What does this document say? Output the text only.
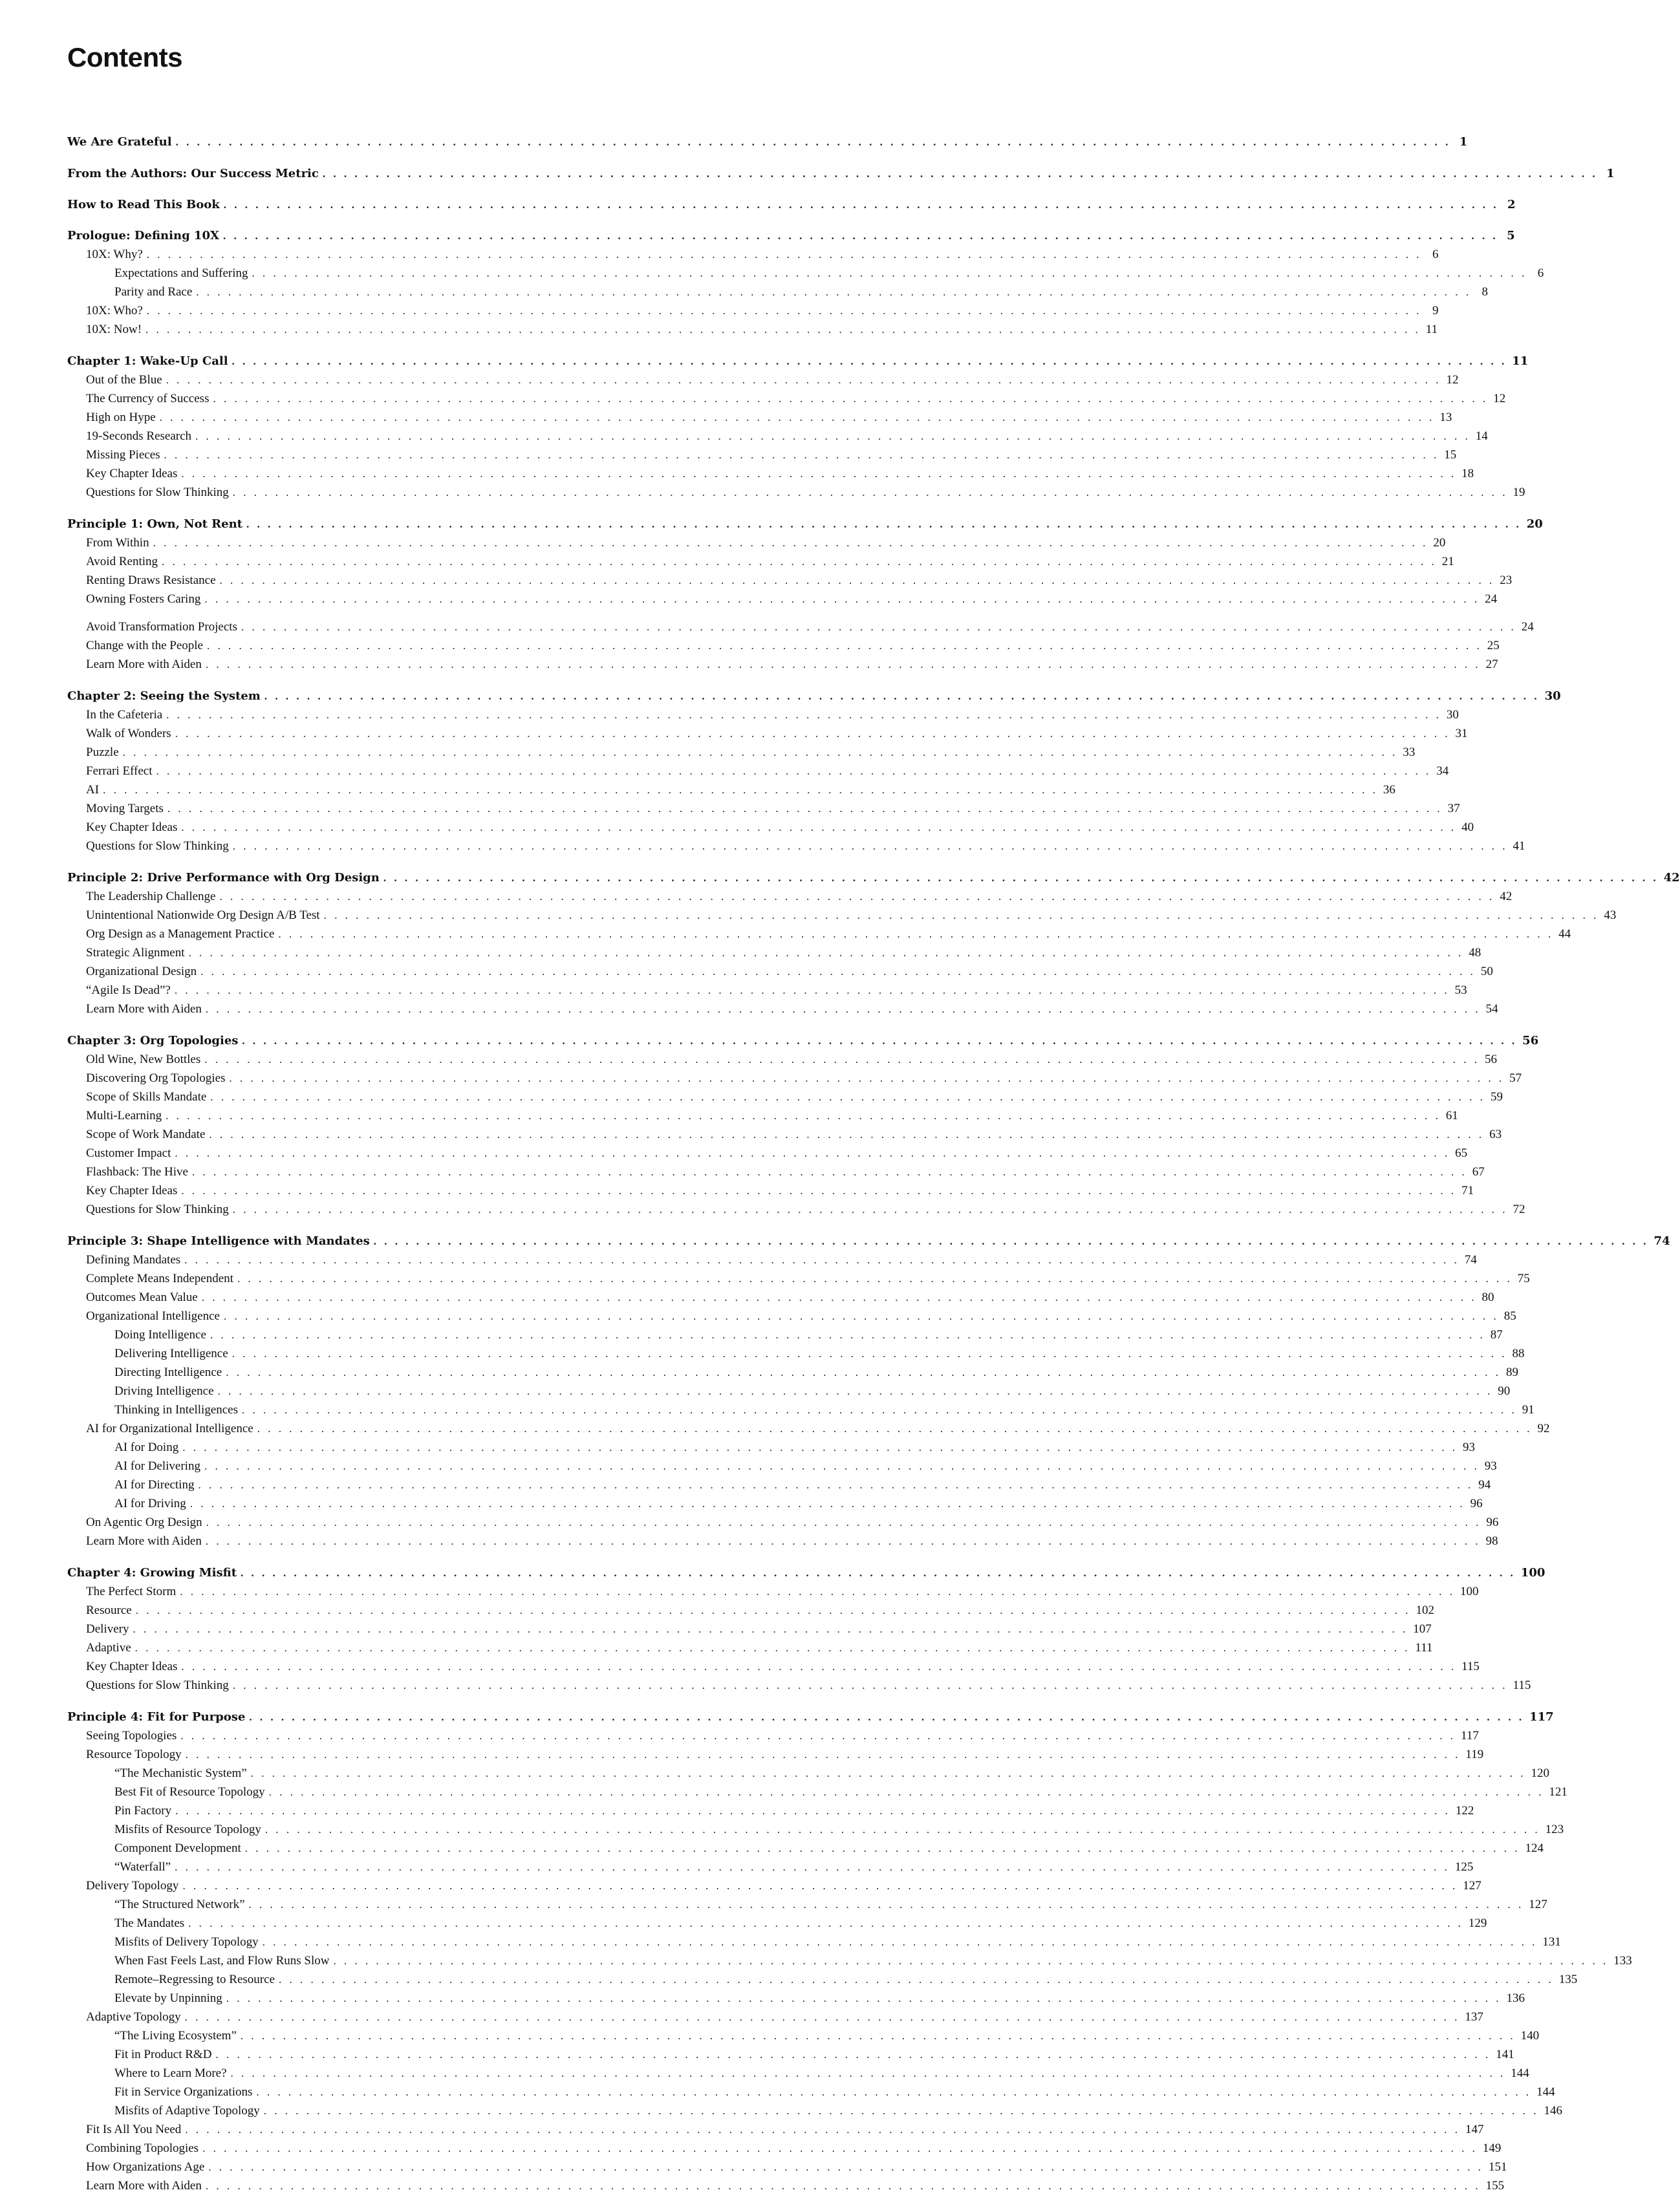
Contents
We Are Grateful . . . . . . . . . . . . . . . . . . . . . . . . . . . . . . . . . . . . . . . . . . . . . . . . . . . . . . . . . . . . . . . . . . . . . . . . . . . . . . . . . . . . . . . . . . . . . . . . . . . . . . . . . . . . . . . . . . . . . . . . 1
From the Authors: Our Success Metric . . . . . . . . . . . . . . . . . . . . . . . . . . . . . . . . . . . . . . . . . . . . . . . . . . . . . . . . . . . . . . . . . . . . . . . . . . . . . . . . . . . . . . . . . . . . . . . . . . . . . . . . . . . . . . . . . . . . . . . . 1
How to Read This Book . . . . . . . . . . . . . . . . . . . . . . . . . . . . . . . . . . . . . . . . . . . . . . . . . . . . . . . . . . . . . . . . . . . . . . . . . . . . . . . . . . . . . . . . . . . . . . . . . . . . . . . . . . . . . . . . . . . . . . . . 2
Prologue: Defining 10X . . . . . . . . . . . . . . . . . . . . . . . . . . . . . . . . . . . . . . . . . . . . . . . . . . . . . . . . . . . . . . . . . . . . . . . . . . . . . . . . . . . . . . . . . . . . . . . . . . . . . . . . . . . . . . . . . . . . . . . . 5
10X: Why? . . . . . . . . . . . . . . . . . . . . . . . . . . . . . . . . . . . . . . . . . . . . . . . . . . . . . . . . . . . . . . . . . . . . . . . . . . . . . . . . . . . . . . . . . . . . . . . . . . . . . . . . . . . . . . . . . . . . . . . . 6
Expectations and Suffering . . . . . . . . . . . . . . . . . . . . . . . . . . . . . . . . . . . . . . . . . . . . . . . . . . . . . . . . . . . . . . . . . . . . . . . . . . . . . . . . . . . . . . . . . . . . . . . . . . . . . . . . . . . . . . . . . . . . . . . . 6
Parity and Race . . . . . . . . . . . . . . . . . . . . . . . . . . . . . . . . . . . . . . . . . . . . . . . . . . . . . . . . . . . . . . . . . . . . . . . . . . . . . . . . . . . . . . . . . . . . . . . . . . . . . . . . . . . . . . . . . . . . . . . . 8
10X: Who? . . . . . . . . . . . . . . . . . . . . . . . . . . . . . . . . . . . . . . . . . . . . . . . . . . . . . . . . . . . . . . . . . . . . . . . . . . . . . . . . . . . . . . . . . . . . . . . . . . . . . . . . . . . . . . . . . . . . . . . . 9
10X: Now! . . . . . . . . . . . . . . . . . . . . . . . . . . . . . . . . . . . . . . . . . . . . . . . . . . . . . . . . . . . . . . . . . . . . . . . . . . . . . . . . . . . . . . . . . . . . . . . . . . . . . . . . . . . . . . . . . . . . . . . . 11
Chapter 1: Wake-Up Call . . . . . . . . . . . . . . . . . . . . . . . . . . . . . . . . . . . . . . . . . . . . . . . . . . . . . . . . . . . . . . . . . . . . . . . . . . . . . . . . . . . . . . . . . . . . . . . . . . . . . . . . . . . . . . . . . . . . . . . . 11
Out of the Blue . . . . . . . . . . . . . . . . . . . . . . . . . . . . . . . . . . . . . . . . . . . . . . . . . . . . . . . . . . . . . . . . . . . . . . . . . . . . . . . . . . . . . . . . . . . . . . . . . . . . . . . . . . . . . . . . . . . . . . . . 12
The Currency of Success . . . . . . . . . . . . . . . . . . . . . . . . . . . . . . . . . . . . . . . . . . . . . . . . . . . . . . . . . . . . . . . . . . . . . . . . . . . . . . . . . . . . . . . . . . . . . . . . . . . . . . . . . . . . . . . . . . . . . . . . 12
High on Hype . . . . . . . . . . . . . . . . . . . . . . . . . . . . . . . . . . . . . . . . . . . . . . . . . . . . . . . . . . . . . . . . . . . . . . . . . . . . . . . . . . . . . . . . . . . . . . . . . . . . . . . . . . . . . . . . . . . . . . . . 13
19-Seconds Research . . . . . . . . . . . . . . . . . . . . . . . . . . . . . . . . . . . . . . . . . . . . . . . . . . . . . . . . . . . . . . . . . . . . . . . . . . . . . . . . . . . . . . . . . . . . . . . . . . . . . . . . . . . . . . . . . . . . . . . . 14
Missing Pieces . . . . . . . . . . . . . . . . . . . . . . . . . . . . . . . . . . . . . . . . . . . . . . . . . . . . . . . . . . . . . . . . . . . . . . . . . . . . . . . . . . . . . . . . . . . . . . . . . . . . . . . . . . . . . . . . . . . . . . . . 15
Key Chapter Ideas . . . . . . . . . . . . . . . . . . . . . . . . . . . . . . . . . . . . . . . . . . . . . . . . . . . . . . . . . . . . . . . . . . . . . . . . . . . . . . . . . . . . . . . . . . . . . . . . . . . . . . . . . . . . . . . . . . . . . . . . 18
Questions for Slow Thinking . . . . . . . . . . . . . . . . . . . . . . . . . . . . . . . . . . . . . . . . . . . . . . . . . . . . . . . . . . . . . . . . . . . . . . . . . . . . . . . . . . . . . . . . . . . . . . . . . . . . . . . . . . . . . . . . . . . . . . . . 19
Principle 1: Own, Not Rent . . . . . . . . . . . . . . . . . . . . . . . . . . . . . . . . . . . . . . . . . . . . . . . . . . . . . . . . . . . . . . . . . . . . . . . . . . . . . . . . . . . . . . . . . . . . . . . . . . . . . . . . . . . . . . . . . . . . . . . . 20
From Within . . . . . . . . . . . . . . . . . . . . . . . . . . . . . . . . . . . . . . . . . . . . . . . . . . . . . . . . . . . . . . . . . . . . . . . . . . . . . . . . . . . . . . . . . . . . . . . . . . . . . . . . . . . . . . . . . . . . . . . . 20
Avoid Renting . . . . . . . . . . . . . . . . . . . . . . . . . . . . . . . . . . . . . . . . . . . . . . . . . . . . . . . . . . . . . . . . . . . . . . . . . . . . . . . . . . . . . . . . . . . . . . . . . . . . . . . . . . . . . . . . . . . . . . . . 21
Renting Draws Resistance . . . . . . . . . . . . . . . . . . . . . . . . . . . . . . . . . . . . . . . . . . . . . . . . . . . . . . . . . . . . . . . . . . . . . . . . . . . . . . . . . . . . . . . . . . . . . . . . . . . . . . . . . . . . . . . . . . . . . . . . 23
Owning Fosters Caring . . . . . . . . . . . . . . . . . . . . . . . . . . . . . . . . . . . . . . . . . . . . . . . . . . . . . . . . . . . . . . . . . . . . . . . . . . . . . . . . . . . . . . . . . . . . . . . . . . . . . . . . . . . . . . . . . . . . . . . . 24
Avoid Transformation Projects . . . . . . . . . . . . . . . . . . . . . . . . . . . . . . . . . . . . . . . . . . . . . . . . . . . . . . . . . . . . . . . . . . . . . . . . . . . . . . . . . . . . . . . . . . . . . . . . . . . . . . . . . . . . . . . . . . . . . . . . 24
Change with the People . . . . . . . . . . . . . . . . . . . . . . . . . . . . . . . . . . . . . . . . . . . . . . . . . . . . . . . . . . . . . . . . . . . . . . . . . . . . . . . . . . . . . . . . . . . . . . . . . . . . . . . . . . . . . . . . . . . . . . . . 25
Learn More with Aiden . . . . . . . . . . . . . . . . . . . . . . . . . . . . . . . . . . . . . . . . . . . . . . . . . . . . . . . . . . . . . . . . . . . . . . . . . . . . . . . . . . . . . . . . . . . . . . . . . . . . . . . . . . . . . . . . . . . . . . . . 27
Chapter 2: Seeing the System . . . . . . . . . . . . . . . . . . . . . . . . . . . . . . . . . . . . . . . . . . . . . . . . . . . . . . . . . . . . . . . . . . . . . . . . . . . . . . . . . . . . . . . . . . . . . . . . . . . . . . . . . . . . . . . . . . . . . . . . 30
In the Cafeteria . . . . . . . . . . . . . . . . . . . . . . . . . . . . . . . . . . . . . . . . . . . . . . . . . . . . . . . . . . . . . . . . . . . . . . . . . . . . . . . . . . . . . . . . . . . . . . . . . . . . . . . . . . . . . . . . . . . . . . . . 30
Walk of Wonders . . . . . . . . . . . . . . . . . . . . . . . . . . . . . . . . . . . . . . . . . . . . . . . . . . . . . . . . . . . . . . . . . . . . . . . . . . . . . . . . . . . . . . . . . . . . . . . . . . . . . . . . . . . . . . . . . . . . . . . . 31
Puzzle . . . . . . . . . . . . . . . . . . . . . . . . . . . . . . . . . . . . . . . . . . . . . . . . . . . . . . . . . . . . . . . . . . . . . . . . . . . . . . . . . . . . . . . . . . . . . . . . . . . . . . . . . . . . . . . . . . . . . . . . 33
Ferrari Effect . . . . . . . . . . . . . . . . . . . . . . . . . . . . . . . . . . . . . . . . . . . . . . . . . . . . . . . . . . . . . . . . . . . . . . . . . . . . . . . . . . . . . . . . . . . . . . . . . . . . . . . . . . . . . . . . . . . . . . . . 34
AI . . . . . . . . . . . . . . . . . . . . . . . . . . . . . . . . . . . . . . . . . . . . . . . . . . . . . . . . . . . . . . . . . . . . . . . . . . . . . . . . . . . . . . . . . . . . . . . . . . . . . . . . . . . . . . . . . . . . . . . . 36
Moving Targets . . . . . . . . . . . . . . . . . . . . . . . . . . . . . . . . . . . . . . . . . . . . . . . . . . . . . . . . . . . . . . . . . . . . . . . . . . . . . . . . . . . . . . . . . . . . . . . . . . . . . . . . . . . . . . . . . . . . . . . . 37
Key Chapter Ideas . . . . . . . . . . . . . . . . . . . . . . . . . . . . . . . . . . . . . . . . . . . . . . . . . . . . . . . . . . . . . . . . . . . . . . . . . . . . . . . . . . . . . . . . . . . . . . . . . . . . . . . . . . . . . . . . . . . . . . . . 40
Questions for Slow Thinking . . . . . . . . . . . . . . . . . . . . . . . . . . . . . . . . . . . . . . . . . . . . . . . . . . . . . . . . . . . . . . . . . . . . . . . . . . . . . . . . . . . . . . . . . . . . . . . . . . . . . . . . . . . . . . . . . . . . . . . . 41
Principle 2: Drive Performance with Org Design . . . . . . . . . . . . . . . . . . . . . . . . . . . . . . . . . . . . . . . . . . . . . . . . . . . . . . . . . . . . . . . . . . . . . . . . . . . . . . . . . . . . . . . . . . . . . . . . . . . . . . . . . . . . . . . . . . . . . . . . 42
The Leadership Challenge . . . . . . . . . . . . . . . . . . . . . . . . . . . . . . . . . . . . . . . . . . . . . . . . . . . . . . . . . . . . . . . . . . . . . . . . . . . . . . . . . . . . . . . . . . . . . . . . . . . . . . . . . . . . . . . . . . . . . . . . 42
Unintentional Nationwide Org Design A/B Test . . . . . . . . . . . . . . . . . . . . . . . . . . . . . . . . . . . . . . . . . . . . . . . . . . . . . . . . . . . . . . . . . . . . . . . . . . . . . . . . . . . . . . . . . . . . . . . . . . . . . . . . . . . . . . . . . . . . . . . . 43
Org Design as a Management Practice . . . . . . . . . . . . . . . . . . . . . . . . . . . . . . . . . . . . . . . . . . . . . . . . . . . . . . . . . . . . . . . . . . . . . . . . . . . . . . . . . . . . . . . . . . . . . . . . . . . . . . . . . . . . . . . . . . . . . . . . 44
Strategic Alignment . . . . . . . . . . . . . . . . . . . . . . . . . . . . . . . . . . . . . . . . . . . . . . . . . . . . . . . . . . . . . . . . . . . . . . . . . . . . . . . . . . . . . . . . . . . . . . . . . . . . . . . . . . . . . . . . . . . . . . . . 48
Organizational Design . . . . . . . . . . . . . . . . . . . . . . . . . . . . . . . . . . . . . . . . . . . . . . . . . . . . . . . . . . . . . . . . . . . . . . . . . . . . . . . . . . . . . . . . . . . . . . . . . . . . . . . . . . . . . . . . . . . . . . . . 50
“Agile Is Dead”? . . . . . . . . . . . . . . . . . . . . . . . . . . . . . . . . . . . . . . . . . . . . . . . . . . . . . . . . . . . . . . . . . . . . . . . . . . . . . . . . . . . . . . . . . . . . . . . . . . . . . . . . . . . . . . . . . . . . . . . . 53
Learn More with Aiden . . . . . . . . . . . . . . . . . . . . . . . . . . . . . . . . . . . . . . . . . . . . . . . . . . . . . . . . . . . . . . . . . . . . . . . . . . . . . . . . . . . . . . . . . . . . . . . . . . . . . . . . . . . . . . . . . . . . . . . . 54
Chapter 3: Org Topologies . . . . . . . . . . . . . . . . . . . . . . . . . . . . . . . . . . . . . . . . . . . . . . . . . . . . . . . . . . . . . . . . . . . . . . . . . . . . . . . . . . . . . . . . . . . . . . . . . . . . . . . . . . . . . . . . . . . . . . . . 56
Old Wine, New Bottles . . . . . . . . . . . . . . . . . . . . . . . . . . . . . . . . . . . . . . . . . . . . . . . . . . . . . . . . . . . . . . . . . . . . . . . . . . . . . . . . . . . . . . . . . . . . . . . . . . . . . . . . . . . . . . . . . . . . . . . . 56
Discovering Org Topologies . . . . . . . . . . . . . . . . . . . . . . . . . . . . . . . . . . . . . . . . . . . . . . . . . . . . . . . . . . . . . . . . . . . . . . . . . . . . . . . . . . . . . . . . . . . . . . . . . . . . . . . . . . . . . . . . . . . . . . . . 57
Scope of Skills Mandate . . . . . . . . . . . . . . . . . . . . . . . . . . . . . . . . . . . . . . . . . . . . . . . . . . . . . . . . . . . . . . . . . . . . . . . . . . . . . . . . . . . . . . . . . . . . . . . . . . . . . . . . . . . . . . . . . . . . . . . . 59
Multi-Learning . . . . . . . . . . . . . . . . . . . . . . . . . . . . . . . . . . . . . . . . . . . . . . . . . . . . . . . . . . . . . . . . . . . . . . . . . . . . . . . . . . . . . . . . . . . . . . . . . . . . . . . . . . . . . . . . . . . . . . . . 61
Scope of Work Mandate . . . . . . . . . . . . . . . . . . . . . . . . . . . . . . . . . . . . . . . . . . . . . . . . . . . . . . . . . . . . . . . . . . . . . . . . . . . . . . . . . . . . . . . . . . . . . . . . . . . . . . . . . . . . . . . . . . . . . . . . 63
Customer Impact . . . . . . . . . . . . . . . . . . . . . . . . . . . . . . . . . . . . . . . . . . . . . . . . . . . . . . . . . . . . . . . . . . . . . . . . . . . . . . . . . . . . . . . . . . . . . . . . . . . . . . . . . . . . . . . . . . . . . . . . 65
Flashback: The Hive . . . . . . . . . . . . . . . . . . . . . . . . . . . . . . . . . . . . . . . . . . . . . . . . . . . . . . . . . . . . . . . . . . . . . . . . . . . . . . . . . . . . . . . . . . . . . . . . . . . . . . . . . . . . . . . . . . . . . . . . 67
Key Chapter Ideas . . . . . . . . . . . . . . . . . . . . . . . . . . . . . . . . . . . . . . . . . . . . . . . . . . . . . . . . . . . . . . . . . . . . . . . . . . . . . . . . . . . . . . . . . . . . . . . . . . . . . . . . . . . . . . . . . . . . . . . . 71
Questions for Slow Thinking . . . . . . . . . . . . . . . . . . . . . . . . . . . . . . . . . . . . . . . . . . . . . . . . . . . . . . . . . . . . . . . . . . . . . . . . . . . . . . . . . . . . . . . . . . . . . . . . . . . . . . . . . . . . . . . . . . . . . . . . 72
Principle 3: Shape Intelligence with Mandates . . . . . . . . . . . . . . . . . . . . . . . . . . . . . . . . . . . . . . . . . . . . . . . . . . . . . . . . . . . . . . . . . . . . . . . . . . . . . . . . . . . . . . . . . . . . . . . . . . . . . . . . . . . . . . . . . . . . . . . . 74
Defining Mandates . . . . . . . . . . . . . . . . . . . . . . . . . . . . . . . . . . . . . . . . . . . . . . . . . . . . . . . . . . . . . . . . . . . . . . . . . . . . . . . . . . . . . . . . . . . . . . . . . . . . . . . . . . . . . . . . . . . . . . . . 74
Complete Means Independent . . . . . . . . . . . . . . . . . . . . . . . . . . . . . . . . . . . . . . . . . . . . . . . . . . . . . . . . . . . . . . . . . . . . . . . . . . . . . . . . . . . . . . . . . . . . . . . . . . . . . . . . . . . . . . . . . . . . . . . . 75
Outcomes Mean Value . . . . . . . . . . . . . . . . . . . . . . . . . . . . . . . . . . . . . . . . . . . . . . . . . . . . . . . . . . . . . . . . . . . . . . . . . . . . . . . . . . . . . . . . . . . . . . . . . . . . . . . . . . . . . . . . . . . . . . . . 80
Organizational Intelligence . . . . . . . . . . . . . . . . . . . . . . . . . . . . . . . . . . . . . . . . . . . . . . . . . . . . . . . . . . . . . . . . . . . . . . . . . . . . . . . . . . . . . . . . . . . . . . . . . . . . . . . . . . . . . . . . . . . . . . . . 85
Doing Intelligence . . . . . . . . . . . . . . . . . . . . . . . . . . . . . . . . . . . . . . . . . . . . . . . . . . . . . . . . . . . . . . . . . . . . . . . . . . . . . . . . . . . . . . . . . . . . . . . . . . . . . . . . . . . . . . . . . . . . . . . . 87
Delivering Intelligence . . . . . . . . . . . . . . . . . . . . . . . . . . . . . . . . . . . . . . . . . . . . . . . . . . . . . . . . . . . . . . . . . . . . . . . . . . . . . . . . . . . . . . . . . . . . . . . . . . . . . . . . . . . . . . . . . . . . . . . . 88
Directing Intelligence . . . . . . . . . . . . . . . . . . . . . . . . . . . . . . . . . . . . . . . . . . . . . . . . . . . . . . . . . . . . . . . . . . . . . . . . . . . . . . . . . . . . . . . . . . . . . . . . . . . . . . . . . . . . . . . . . . . . . . . . 89
Driving Intelligence . . . . . . . . . . . . . . . . . . . . . . . . . . . . . . . . . . . . . . . . . . . . . . . . . . . . . . . . . . . . . . . . . . . . . . . . . . . . . . . . . . . . . . . . . . . . . . . . . . . . . . . . . . . . . . . . . . . . . . . . 90
Thinking in Intelligences . . . . . . . . . . . . . . . . . . . . . . . . . . . . . . . . . . . . . . . . . . . . . . . . . . . . . . . . . . . . . . . . . . . . . . . . . . . . . . . . . . . . . . . . . . . . . . . . . . . . . . . . . . . . . . . . . . . . . . . . 91
AI for Organizational Intelligence . . . . . . . . . . . . . . . . . . . . . . . . . . . . . . . . . . . . . . . . . . . . . . . . . . . . . . . . . . . . . . . . . . . . . . . . . . . . . . . . . . . . . . . . . . . . . . . . . . . . . . . . . . . . . . . . . . . . . . . . 92
AI for Doing . . . . . . . . . . . . . . . . . . . . . . . . . . . . . . . . . . . . . . . . . . . . . . . . . . . . . . . . . . . . . . . . . . . . . . . . . . . . . . . . . . . . . . . . . . . . . . . . . . . . . . . . . . . . . . . . . . . . . . . . 93
AI for Delivering . . . . . . . . . . . . . . . . . . . . . . . . . . . . . . . . . . . . . . . . . . . . . . . . . . . . . . . . . . . . . . . . . . . . . . . . . . . . . . . . . . . . . . . . . . . . . . . . . . . . . . . . . . . . . . . . . . . . . . . . 93
AI for Directing . . . . . . . . . . . . . . . . . . . . . . . . . . . . . . . . . . . . . . . . . . . . . . . . . . . . . . . . . . . . . . . . . . . . . . . . . . . . . . . . . . . . . . . . . . . . . . . . . . . . . . . . . . . . . . . . . . . . . . . . 94
AI for Driving . . . . . . . . . . . . . . . . . . . . . . . . . . . . . . . . . . . . . . . . . . . . . . . . . . . . . . . . . . . . . . . . . . . . . . . . . . . . . . . . . . . . . . . . . . . . . . . . . . . . . . . . . . . . . . . . . . . . . . . . 96
On Agentic Org Design . . . . . . . . . . . . . . . . . . . . . . . . . . . . . . . . . . . . . . . . . . . . . . . . . . . . . . . . . . . . . . . . . . . . . . . . . . . . . . . . . . . . . . . . . . . . . . . . . . . . . . . . . . . . . . . . . . . . . . . . 96
Learn More with Aiden . . . . . . . . . . . . . . . . . . . . . . . . . . . . . . . . . . . . . . . . . . . . . . . . . . . . . . . . . . . . . . . . . . . . . . . . . . . . . . . . . . . . . . . . . . . . . . . . . . . . . . . . . . . . . . . . . . . . . . . . 98
Chapter 4: Growing Misfit . . . . . . . . . . . . . . . . . . . . . . . . . . . . . . . . . . . . . . . . . . . . . . . . . . . . . . . . . . . . . . . . . . . . . . . . . . . . . . . . . . . . . . . . . . . . . . . . . . . . . . . . . . . . . . . . . . . . . . . . 100
The Perfect Storm . . . . . . . . . . . . . . . . . . . . . . . . . . . . . . . . . . . . . . . . . . . . . . . . . . . . . . . . . . . . . . . . . . . . . . . . . . . . . . . . . . . . . . . . . . . . . . . . . . . . . . . . . . . . . . . . . . . . . . . . 100
Resource . . . . . . . . . . . . . . . . . . . . . . . . . . . . . . . . . . . . . . . . . . . . . . . . . . . . . . . . . . . . . . . . . . . . . . . . . . . . . . . . . . . . . . . . . . . . . . . . . . . . . . . . . . . . . . . . . . . . . . . . 102
Delivery . . . . . . . . . . . . . . . . . . . . . . . . . . . . . . . . . . . . . . . . . . . . . . . . . . . . . . . . . . . . . . . . . . . . . . . . . . . . . . . . . . . . . . . . . . . . . . . . . . . . . . . . . . . . . . . . . . . . . . . . 107
Adaptive . . . . . . . . . . . . . . . . . . . . . . . . . . . . . . . . . . . . . . . . . . . . . . . . . . . . . . . . . . . . . . . . . . . . . . . . . . . . . . . . . . . . . . . . . . . . . . . . . . . . . . . . . . . . . . . . . . . . . . . . 111
Key Chapter Ideas . . . . . . . . . . . . . . . . . . . . . . . . . . . . . . . . . . . . . . . . . . . . . . . . . . . . . . . . . . . . . . . . . . . . . . . . . . . . . . . . . . . . . . . . . . . . . . . . . . . . . . . . . . . . . . . . . . . . . . . . 115
Questions for Slow Thinking . . . . . . . . . . . . . . . . . . . . . . . . . . . . . . . . . . . . . . . . . . . . . . . . . . . . . . . . . . . . . . . . . . . . . . . . . . . . . . . . . . . . . . . . . . . . . . . . . . . . . . . . . . . . . . . . . . . . . . . . 115
Principle 4: Fit for Purpose . . . . . . . . . . . . . . . . . . . . . . . . . . . . . . . . . . . . . . . . . . . . . . . . . . . . . . . . . . . . . . . . . . . . . . . . . . . . . . . . . . . . . . . . . . . . . . . . . . . . . . . . . . . . . . . . . . . . . . . . 117
Seeing Topologies . . . . . . . . . . . . . . . . . . . . . . . . . . . . . . . . . . . . . . . . . . . . . . . . . . . . . . . . . . . . . . . . . . . . . . . . . . . . . . . . . . . . . . . . . . . . . . . . . . . . . . . . . . . . . . . . . . . . . . . . 117
Resource Topology . . . . . . . . . . . . . . . . . . . . . . . . . . . . . . . . . . . . . . . . . . . . . . . . . . . . . . . . . . . . . . . . . . . . . . . . . . . . . . . . . . . . . . . . . . . . . . . . . . . . . . . . . . . . . . . . . . . . . . . . 119
“The Mechanistic System” . . . . . . . . . . . . . . . . . . . . . . . . . . . . . . . . . . . . . . . . . . . . . . . . . . . . . . . . . . . . . . . . . . . . . . . . . . . . . . . . . . . . . . . . . . . . . . . . . . . . . . . . . . . . . . . . . . . . . . . . 120
Best Fit of Resource Topology . . . . . . . . . . . . . . . . . . . . . . . . . . . . . . . . . . . . . . . . . . . . . . . . . . . . . . . . . . . . . . . . . . . . . . . . . . . . . . . . . . . . . . . . . . . . . . . . . . . . . . . . . . . . . . . . . . . . . . . . 121
Pin Factory . . . . . . . . . . . . . . . . . . . . . . . . . . . . . . . . . . . . . . . . . . . . . . . . . . . . . . . . . . . . . . . . . . . . . . . . . . . . . . . . . . . . . . . . . . . . . . . . . . . . . . . . . . . . . . . . . . . . . . . . 122
Misfits of Resource Topology . . . . . . . . . . . . . . . . . . . . . . . . . . . . . . . . . . . . . . . . . . . . . . . . . . . . . . . . . . . . . . . . . . . . . . . . . . . . . . . . . . . . . . . . . . . . . . . . . . . . . . . . . . . . . . . . . . . . . . . . 123
Component Development . . . . . . . . . . . . . . . . . . . . . . . . . . . . . . . . . . . . . . . . . . . . . . . . . . . . . . . . . . . . . . . . . . . . . . . . . . . . . . . . . . . . . . . . . . . . . . . . . . . . . . . . . . . . . . . . . . . . . . . . 124
“Waterfall” . . . . . . . . . . . . . . . . . . . . . . . . . . . . . . . . . . . . . . . . . . . . . . . . . . . . . . . . . . . . . . . . . . . . . . . . . . . . . . . . . . . . . . . . . . . . . . . . . . . . . . . . . . . . . . . . . . . . . . . . 125
Delivery Topology . . . . . . . . . . . . . . . . . . . . . . . . . . . . . . . . . . . . . . . . . . . . . . . . . . . . . . . . . . . . . . . . . . . . . . . . . . . . . . . . . . . . . . . . . . . . . . . . . . . . . . . . . . . . . . . . . . . . . . . . 127
“The Structured Network” . . . . . . . . . . . . . . . . . . . . . . . . . . . . . . . . . . . . . . . . . . . . . . . . . . . . . . . . . . . . . . . . . . . . . . . . . . . . . . . . . . . . . . . . . . . . . . . . . . . . . . . . . . . . . . . . . . . . . . . . 127
The Mandates . . . . . . . . . . . . . . . . . . . . . . . . . . . . . . . . . . . . . . . . . . . . . . . . . . . . . . . . . . . . . . . . . . . . . . . . . . . . . . . . . . . . . . . . . . . . . . . . . . . . . . . . . . . . . . . . . . . . . . . . 129
Misfits of Delivery Topology . . . . . . . . . . . . . . . . . . . . . . . . . . . . . . . . . . . . . . . . . . . . . . . . . . . . . . . . . . . . . . . . . . . . . . . . . . . . . . . . . . . . . . . . . . . . . . . . . . . . . . . . . . . . . . . . . . . . . . . . 131
When Fast Feels Last, and Flow Runs Slow . . . . . . . . . . . . . . . . . . . . . . . . . . . . . . . . . . . . . . . . . . . . . . . . . . . . . . . . . . . . . . . . . . . . . . . . . . . . . . . . . . . . . . . . . . . . . . . . . . . . . . . . . . . . . . . . . . . . . . . . 133
Remote–Regressing to Resource . . . . . . . . . . . . . . . . . . . . . . . . . . . . . . . . . . . . . . . . . . . . . . . . . . . . . . . . . . . . . . . . . . . . . . . . . . . . . . . . . . . . . . . . . . . . . . . . . . . . . . . . . . . . . . . . . . . . . . . . 135
Elevate by Unpinning . . . . . . . . . . . . . . . . . . . . . . . . . . . . . . . . . . . . . . . . . . . . . . . . . . . . . . . . . . . . . . . . . . . . . . . . . . . . . . . . . . . . . . . . . . . . . . . . . . . . . . . . . . . . . . . . . . . . . . . . 136
Adaptive Topology . . . . . . . . . . . . . . . . . . . . . . . . . . . . . . . . . . . . . . . . . . . . . . . . . . . . . . . . . . . . . . . . . . . . . . . . . . . . . . . . . . . . . . . . . . . . . . . . . . . . . . . . . . . . . . . . . . . . . . . . 137
“The Living Ecosystem” . . . . . . . . . . . . . . . . . . . . . . . . . . . . . . . . . . . . . . . . . . . . . . . . . . . . . . . . . . . . . . . . . . . . . . . . . . . . . . . . . . . . . . . . . . . . . . . . . . . . . . . . . . . . . . . . . . . . . . . . 140
Fit in Product R&D . . . . . . . . . . . . . . . . . . . . . . . . . . . . . . . . . . . . . . . . . . . . . . . . . . . . . . . . . . . . . . . . . . . . . . . . . . . . . . . . . . . . . . . . . . . . . . . . . . . . . . . . . . . . . . . . . . . . . . . . 141
Where to Learn More? . . . . . . . . . . . . . . . . . . . . . . . . . . . . . . . . . . . . . . . . . . . . . . . . . . . . . . . . . . . . . . . . . . . . . . . . . . . . . . . . . . . . . . . . . . . . . . . . . . . . . . . . . . . . . . . . . . . . . . . . 144
Fit in Service Organizations . . . . . . . . . . . . . . . . . . . . . . . . . . . . . . . . . . . . . . . . . . . . . . . . . . . . . . . . . . . . . . . . . . . . . . . . . . . . . . . . . . . . . . . . . . . . . . . . . . . . . . . . . . . . . . . . . . . . . . . . 144
Misfits of Adaptive Topology . . . . . . . . . . . . . . . . . . . . . . . . . . . . . . . . . . . . . . . . . . . . . . . . . . . . . . . . . . . . . . . . . . . . . . . . . . . . . . . . . . . . . . . . . . . . . . . . . . . . . . . . . . . . . . . . . . . . . . . . 146
Fit Is All You Need . . . . . . . . . . . . . . . . . . . . . . . . . . . . . . . . . . . . . . . . . . . . . . . . . . . . . . . . . . . . . . . . . . . . . . . . . . . . . . . . . . . . . . . . . . . . . . . . . . . . . . . . . . . . . . . . . . . . . . . . 147
Combining Topologies . . . . . . . . . . . . . . . . . . . . . . . . . . . . . . . . . . . . . . . . . . . . . . . . . . . . . . . . . . . . . . . . . . . . . . . . . . . . . . . . . . . . . . . . . . . . . . . . . . . . . . . . . . . . . . . . . . . . . . . . 149
How Organizations Age . . . . . . . . . . . . . . . . . . . . . . . . . . . . . . . . . . . . . . . . . . . . . . . . . . . . . . . . . . . . . . . . . . . . . . . . . . . . . . . . . . . . . . . . . . . . . . . . . . . . . . . . . . . . . . . . . . . . . . . . 151
Learn More with Aiden . . . . . . . . . . . . . . . . . . . . . . . . . . . . . . . . . . . . . . . . . . . . . . . . . . . . . . . . . . . . . . . . . . . . . . . . . . . . . . . . . . . . . . . . . . . . . . . . . . . . . . . . . . . . . . . . . . . . . . . . 155
